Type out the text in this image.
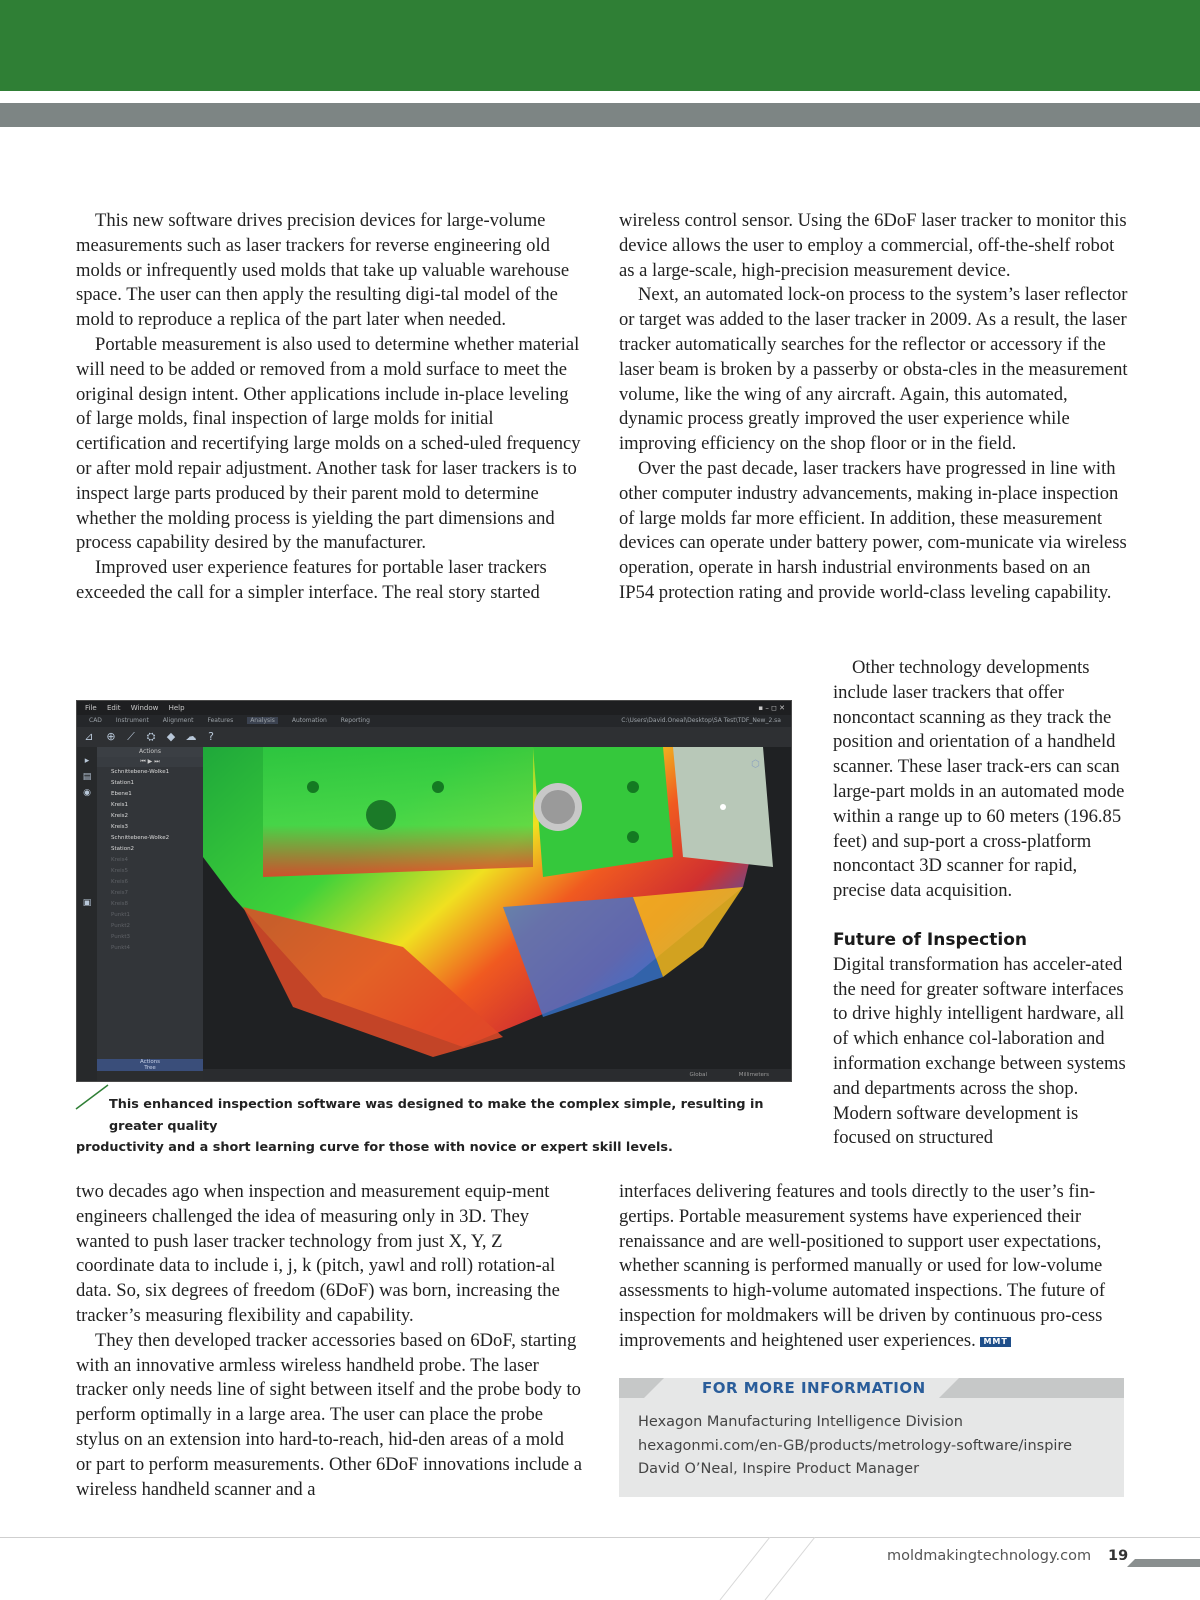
This new software drives precision devices for large-volume measurements such as laser trackers for reverse engineering old molds or infrequently used molds that take up valuable warehouse space. The user can then apply the resulting digi-tal model of the mold to reproduce a replica of the part later when needed.

Portable measurement is also used to determine whether material will need to be added or removed from a mold surface to meet the original design intent. Other applications include in-place leveling of large molds, final inspection of large molds for initial certification and recertifying large molds on a sched-uled frequency or after mold repair adjustment. Another task for laser trackers is to inspect large parts produced by their parent mold to determine whether the molding process is yielding the part dimensions and process capability desired by the manufacturer.

Improved user experience features for portable laser trackers exceeded the call for a simpler interface. The real story started

wireless control sensor. Using the 6DoF laser tracker to monitor this device allows the user to employ a commercial, off-the-shelf robot as a large-scale, high-precision measurement device.

Next, an automated lock-on process to the system’s laser reflector or target was added to the laser tracker in 2009. As a result, the laser tracker automatically searches for the reflector or accessory if the laser beam is broken by a passerby or obsta-cles in the measurement volume, like the wing of any aircraft. Again, this automated, dynamic process greatly improved the user experience while improving efficiency on the shop floor or in the field.

Over the past decade, laser trackers have progressed in line with other computer industry advancements, making in-place inspection of large molds far more efficient. In addition, these measurement devices can operate under battery power, com-municate via wireless operation, operate in harsh industrial environments based on an IP54 protection rating and provide world-class leveling capability.

Other technology developments include laser trackers that offer noncontact scanning as they track the position and orientation of a handheld scanner. These laser track-ers can scan large-part molds in an automated mode within a range up to 60 meters (196.85 feet) and sup-port a cross-platform noncontact 3D scanner for rapid, precise data acquisition.

Future of Inspection

Digital transformation has acceler-ated the need for greater software interfaces to drive highly intelligent hardware, all of which enhance col-laboration and information exchange between systems and departments across the shop. Modern software development is focused on structured

File Edit Window Help	▪ – ◻ ✕
CAD Instrument Alignment Features	Analysis	Automation Reporting	C:\Users\David.Oneal\Desktop\SA Test\TDF_New_2.sa
⊿ ⊕ ⟋ ⛭ ◆ ☁ ?
▸
▤
◉
▣
Actions
⏮ ▶ ⏭
Schnittebene-Wolke1
Station1
Ebene1
Kreis1
Kreis2
Kreis3
Schnittebene-Wolke2
Station2
Kreis4
Kreis5
Kreis6
Kreis7
Kreis8
Punkt1
Punkt2
Punkt3
Punkt4
Actions
Tree
⬡
Global	Millimeters
This enhanced inspection software was designed to make the complex simple, resulting in greater quality
productivity and a short learning curve for those with novice or expert skill levels.

two decades ago when inspection and measurement equip-ment engineers challenged the idea of measuring only in 3D. They wanted to push laser tracker technology from just X, Y, Z coordinate data to include i, j, k (pitch, yawl and roll) rotation-al data. So, six degrees of freedom (6DoF) was born, increasing the tracker’s measuring flexibility and capability.

They then developed tracker accessories based on 6DoF, starting with an innovative armless wireless handheld probe. The laser tracker only needs line of sight between itself and the probe body to perform optimally in a large area. The user can place the probe stylus on an extension into hard-to-reach, hid-den areas of a mold or part to perform measurements. Other 6DoF innovations include a wireless handheld scanner and a

interfaces delivering features and tools directly to the user’s fin-gertips. Portable measurement systems have experienced their renaissance and are well-positioned to support user expectations, whether scanning is performed manually or used for low-volume assessments to high-volume automated inspections. The future of inspection for moldmakers will be driven by continuous pro-cess improvements and heightened user experiences. MMT

FOR MORE INFORMATION
Hexagon Manufacturing Intelligence Division
hexagonmi.com/en-GB/products/metrology-software/inspire
David O’Neal, Inspire Product Manager
moldmakingtechnology.com 19
